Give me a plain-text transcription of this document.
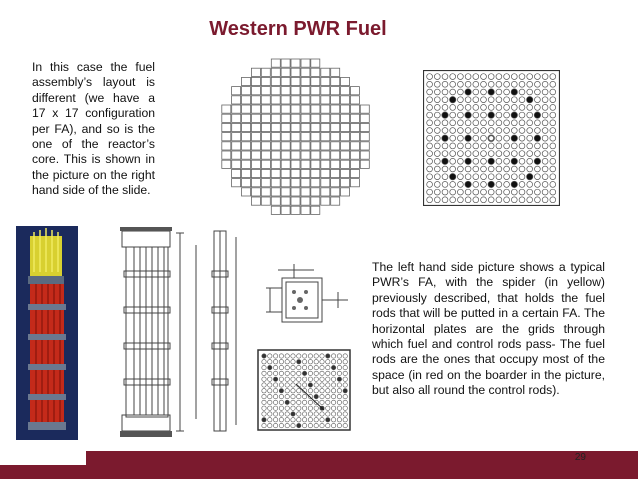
Western PWR Fuel
In this case the fuel assembly’s layout is different (we have a 17 x 17 configuration per FA), and so is the one of the reactor’s core. This is shown in the picture on the right hand side of the slide.
The left hand side picture shows a typical PWR’s FA, with the spider (in yellow) previously described, that holds the fuel rods that will be putted in a certain FA. The horizontal plates are the grids through which fuel and control rods pass- The fuel rods are the ones that occupy most of the space (in red on the boarder in the picture, but also all round the control rods).
29
